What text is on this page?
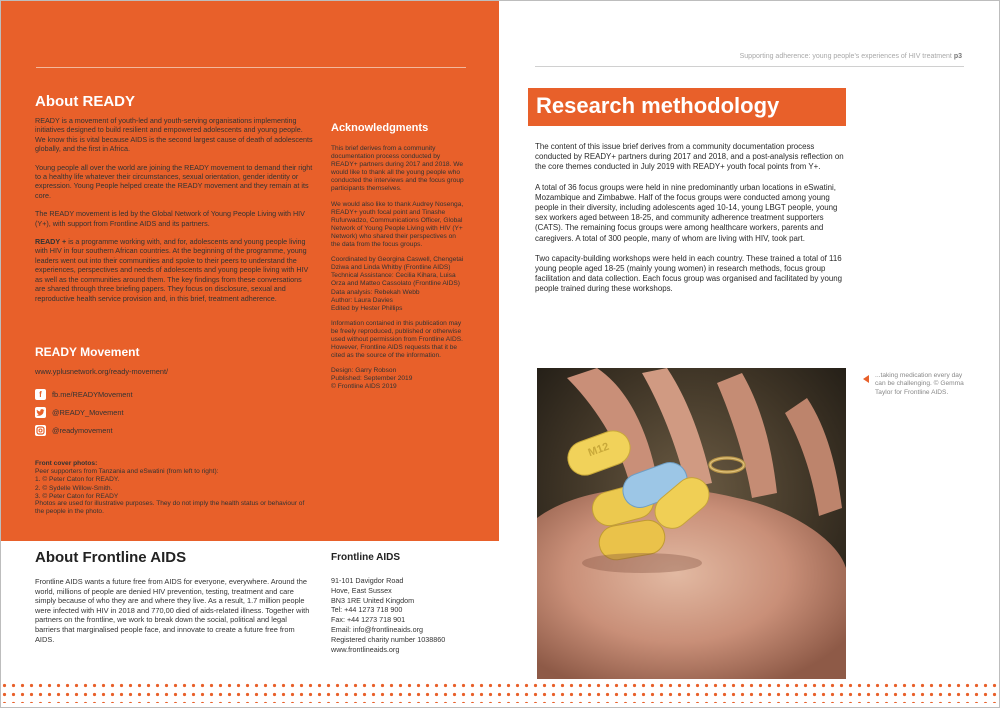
About READY

READY is a movement of youth-led and youth-serving organisations implementing initiatives designed to build resilient and empowered adolescents and young people. We know this is vital because AIDS is the second largest cause of death of adolescents globally, and the first in Africa.

Young people all over the world are joining the READY movement to demand their right to a healthy life whatever their circumstances, sexual orientation, gender identity or expression. Young People helped create the READY movement and they remain at its core.

The READY movement is led by the Global Network of Young People Living with HIV (Y+), with support from Frontline AIDS and its partners.

READY + is a programme working with, and for, adolescents and young people living with HIV in four southern African countries. At the beginning of the programme, young leaders went out into their communities and spoke to their peers to understand the experiences, perspectives and needs of adolescents and young people living with HIV as well as the communities around them. The key findings from these conversations are shared through three briefing papers. They focus on disclosure, sexual and reproductive health service provision and, in this brief, treatment adherence.

READY Movement
www.yplusnetwork.org/ready-movement/
f	fb.me/READYMovement
@READY_Movement
@readymovement
Front cover photos:
Peer supporters from Tanzania and eSwatini (from left to right):
1. © Peter Caton for READY.
2. © Sydelle Willow-Smith.
3. © Peter Caton for READY
Photos are used for illustrative purposes. They do not imply the health status or behaviour of the people in the photo.
Acknowledgments

This brief derives from a community documentation process conducted by READY+ partners during 2017 and 2018. We would like to thank all the young people who conducted the interviews and the focus group participants themselves.

We would also like to thank Audrey Nosenga, READY+ youth focal point and Tinashe Rufurwadzo, Communications Officer, Global Network of Young People Living with HIV (Y+ Network) who shared their perspectives on the data from the focus groups.

Coordinated by Georgina Caswell, Chengetai Dziwa and Linda Whitby (Frontline AIDS)
Technical Assistance: Cecilia Kihara, Luisa Orza and Matteo Cassolato (Frontline AIDS)
Data analysis: Rebekah Webb
Author: Laura Davies
Edited by Hester Phillips

Information contained in this publication may be freely reproduced, published or otherwise used without permission from Frontline AIDS. However, Frontline AIDS requests that it be cited as the source of the information.

Design: Garry Robson
Published: September 2019
© Frontline AIDS 2019

About Frontline AIDS
Frontline AIDS wants a future free from AIDS for everyone, everywhere. Around the world, millions of people are denied HIV prevention, testing, treatment and care simply because of who they are and where they live. As a result, 1.7 million people were infected with HIV in 2018 and 770,00 died of aids-related illness. Together with partners on the frontline, we work to break down the social, political and legal barriers that marginalised people face, and innovate to create a future free from AIDS.
Frontline AIDS
91-101 Davigdor Road
Hove, East Sussex
BN3 1RE United Kingdom
Tel: +44 1273 718 900
Fax: +44 1273 718 901
Email: info@frontlineaids.org
Registered charity number 1038860
www.frontlineaids.org
Supporting adherence: young people's experiences of HIV treatment p3
Research methodology

The content of this issue brief derives from a community documentation process conducted by READY+ partners during 2017 and 2018, and a post-analysis reflection on the core themes conducted in July 2019 with READY+ youth focal points from Y+.

A total of 36 focus groups were held in nine predominantly urban locations in eSwatini, Mozambique and Zimbabwe. Half of the focus groups were conducted among young people in their diversity, including adolescents aged 10-14, young LBGT people, young sex workers aged between 18-25, and community adherence treatment supporters (CATS). The remaining focus groups were among healthcare workers, parents and caregivers. A total of 300 people, many of whom are living with HIV, took part.

Two capacity-building workshops were held in each country. These trained a total of 116 young people aged 18-25 (mainly young women) in research methods, focus group facilitation and data collection. Each focus group was organised and facilitated by young people trained during these workshops.

M12
...taking medication every day can be challenging. © Gemma Taylor for Frontline AIDS.
